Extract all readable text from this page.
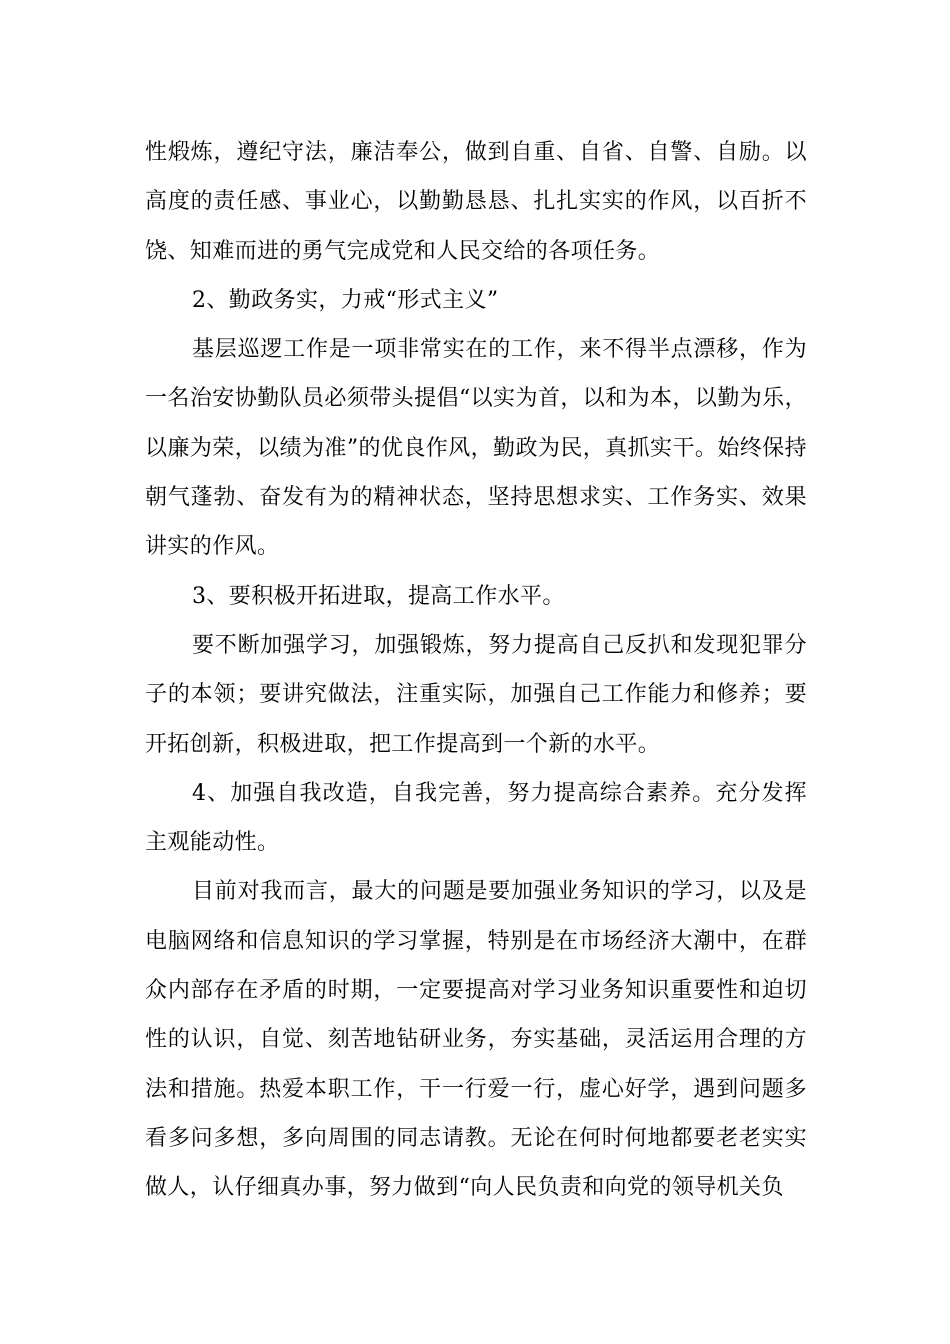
性煅炼，遵纪守法，廉洁奉公，做到自重、自省、自警、自励。以高度的责任感、事业心，以勤勤恳恳、扎扎实实的作风，以百折不饶、知难而进的勇气完成党和人民交给的各项任务。

2、勤政务实，力戒“形式主义”

基层巡逻工作是一项非常实在的工作，来不得半点漂移，作为一名治安协勤队员必须带头提倡“以实为首，以和为本，以勤为乐，以廉为荣，以绩为准”的优良作风，勤政为民，真抓实干。始终保持朝气蓬勃、奋发有为的精神状态，坚持思想求实、工作务实、效果讲实的作风。

3、要积极开拓进取，提高工作水平。

要不断加强学习，加强锻炼，努力提高自己反扒和发现犯罪分子的本领；要讲究做法，注重实际，加强自己工作能力和修养；要开拓创新，积极进取，把工作提高到一个新的水平。

4、加强自我改造，自我完善，努力提高综合素养。充分发挥主观能动性。

目前对我而言，最大的问题是要加强业务知识的学习，以及是电脑网络和信息知识的学习掌握，特别是在市场经济大潮中，在群众内部存在矛盾的时期，一定要提高对学习业务知识重要性和迫切性的认识，自觉、刻苦地钻研业务，夯实基础，灵活运用合理的方法和措施。热爱本职工作，干一行爱一行，虚心好学，遇到问题多看多问多想，多向周围的同志请教。无论在何时何地都要老老实实做人，认仔细真办事，努力做到“向人民负责和向党的领导机关负
